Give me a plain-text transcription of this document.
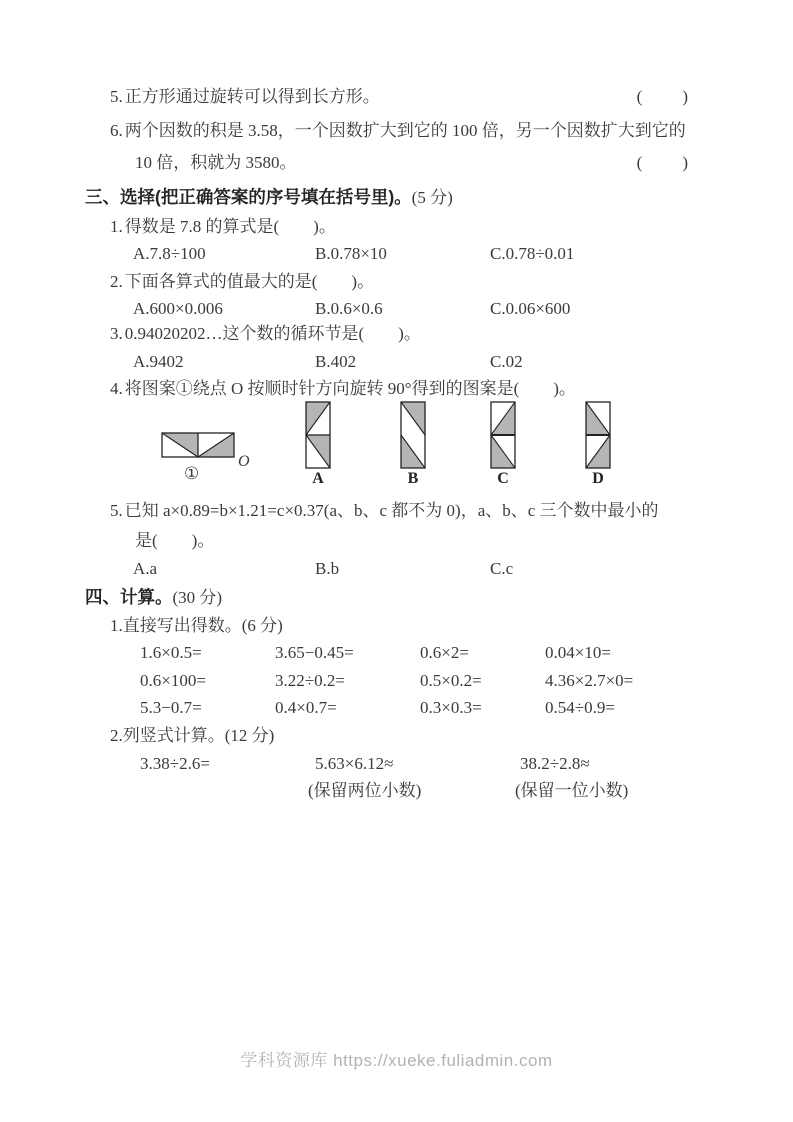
5. 正方形通过旋转可以得到长方形。	(　　)
6. 两个因数的积是 3.58，一个因数扩大到它的 100 倍，另一个因数扩大到它的
10 倍，积就为 3580。	(　　)
三、选择(把正确答案的序号填在括号里)。(5 分)
1. 得数是 7.8 的算式是(　　)。
A.7.8÷100	B.0.78×10	C.0.78÷0.01
2. 下面各算式的值最大的是(　　)。
A.600×0.006	B.0.6×0.6	C.0.06×600
3. 0.94020202…这个数的循环节是(　　)。
A.9402	B.402	C.02
4. 将图案①绕点 O 按顺时针方向旋转 90°得到的图案是(　　)。
①
O
A	B	C	D
5. 已知 a×0.89=b×1.21=c×0.37(a、b、c 都不为 0)，a、b、c 三个数中最小的
是(　　)。
A.a	B.b	C.c
四、计算。(30 分)
1.直接写出得数。(6 分)
1.6×0.5=	3.65−0.45=	0.6×2=	0.04×10=
0.6×100=	3.22÷0.2=	0.5×0.2=	4.36×2.7×0=
5.3−0.7=	0.4×0.7=	0.3×0.3=	0.54÷0.9=
2.列竖式计算。(12 分)
3.38÷2.6=	5.63×6.12≈	38.2÷2.8≈
(保留两位小数)	(保留一位小数)
学科资源库 https://xueke.fuliadmin.com
